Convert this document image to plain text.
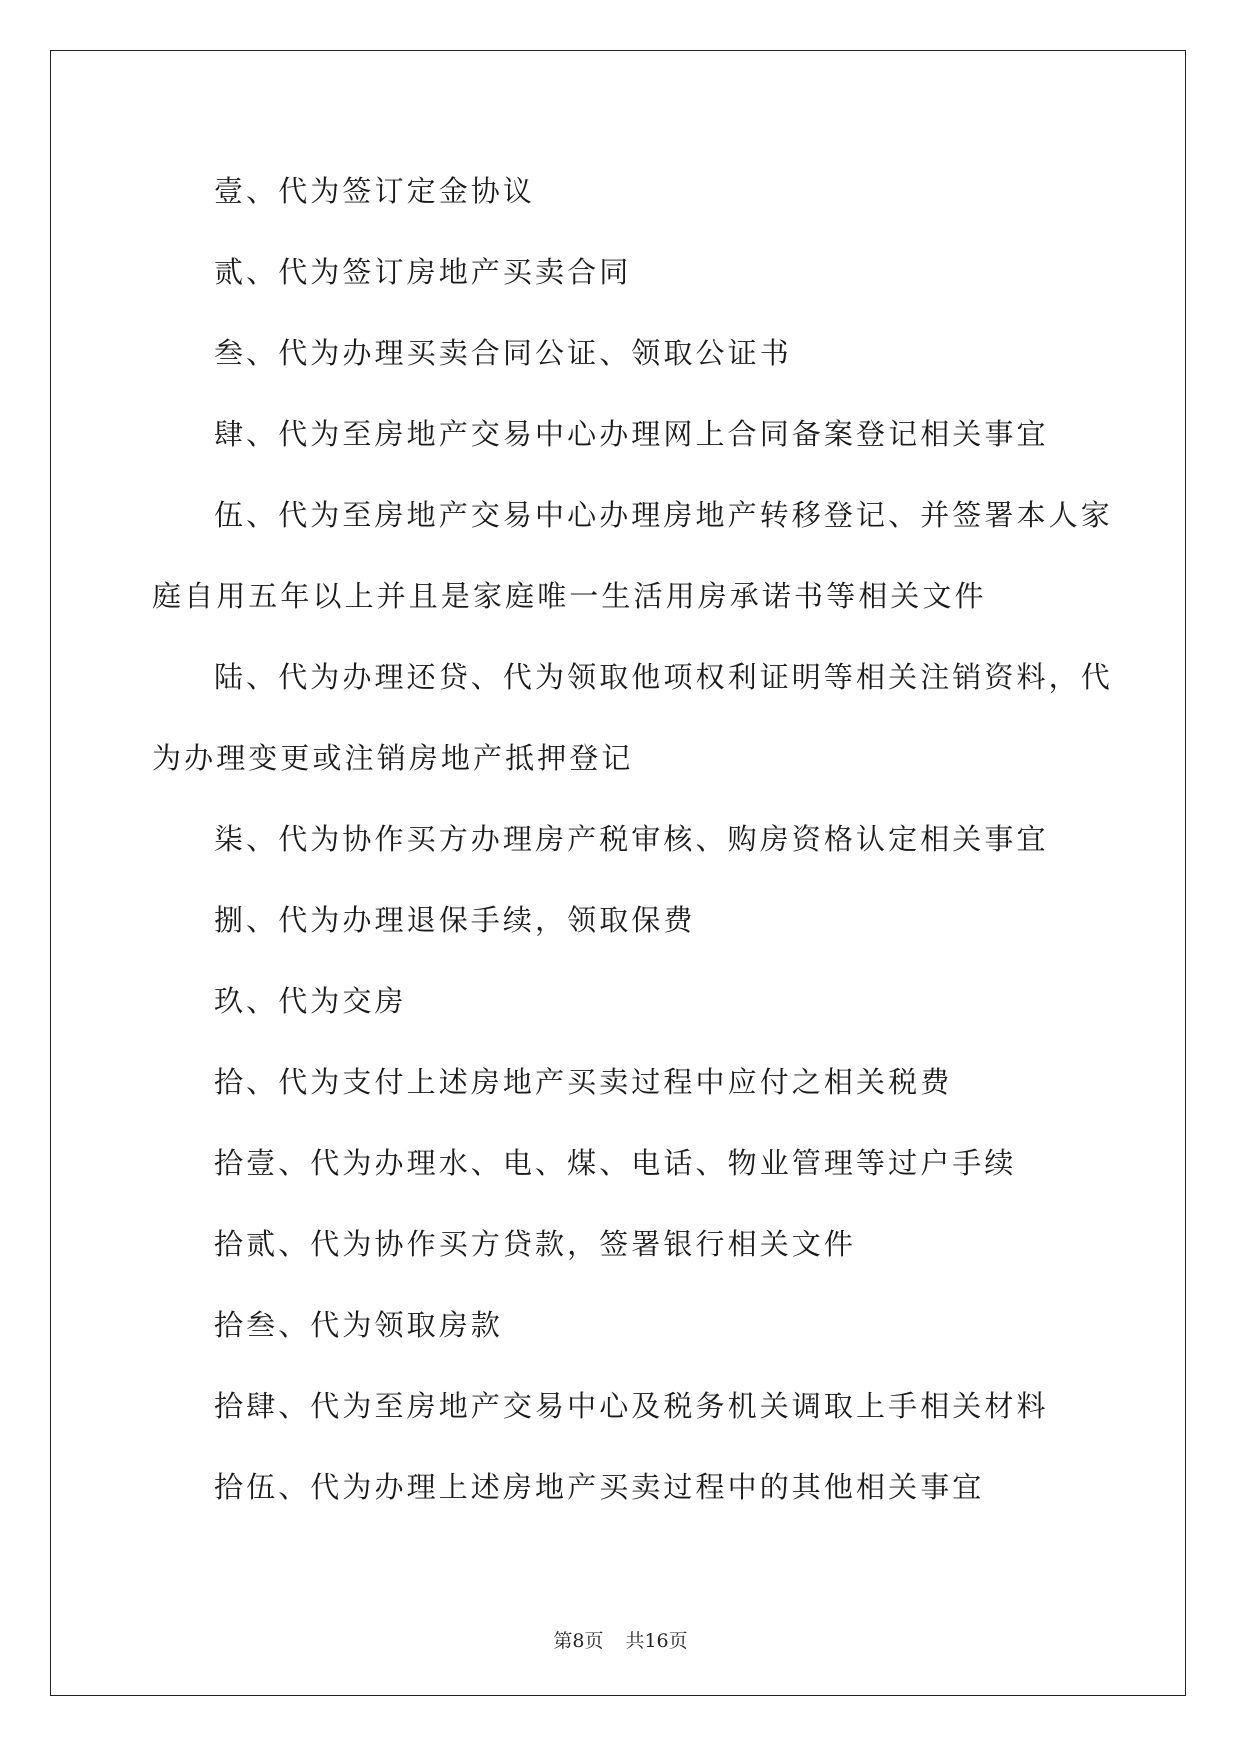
壹、代为签订定金协议
贰、代为签订房地产买卖合同
叁、代为办理买卖合同公证、领取公证书
肆、代为至房地产交易中心办理网上合同备案登记相关事宜
伍、代为至房地产交易中心办理房地产转移登记、并签署本人家
庭自用五年以上并且是家庭唯一生活用房承诺书等相关文件
陆、代为办理还贷、代为领取他项权利证明等相关注销资料，代
为办理变更或注销房地产抵押登记
柒、代为协作买方办理房产税审核、购房资格认定相关事宜
捌、代为办理退保手续，领取保费
玖、代为交房
拾、代为支付上述房地产买卖过程中应付之相关税费
拾壹、代为办理水、电、煤、电话、物业管理等过户手续
拾贰、代为协作买方贷款，签署银行相关文件
拾叁、代为领取房款
拾肆、代为至房地产交易中心及税务机关调取上手相关材料
拾伍、代为办理上述房地产买卖过程中的其他相关事宜
第8页 共16页
